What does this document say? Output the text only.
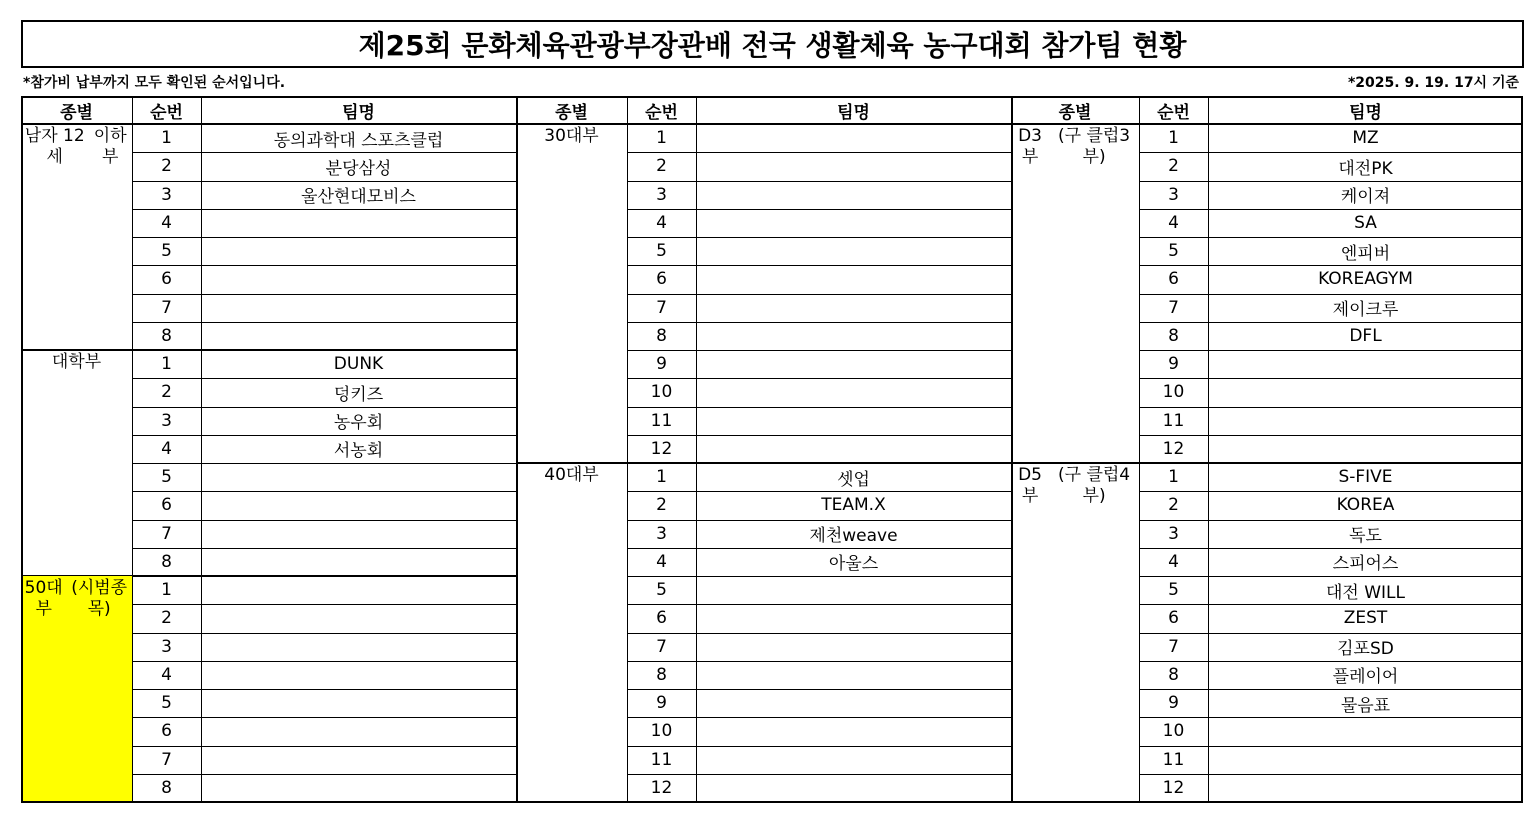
제25회 문화체육관광부장관배 전국 생활체육 농구대회 참가팀 현황
*참가비 납부까지 모두 확인된 순서입니다.	*2025. 9. 19. 17시 기준
종별	순번	팀명
남자 12세
이하부
1	동의과학대 스포츠클럽
2	분당삼성
3	울산현대모비스
4
5
6
7
8
대학부	1	DUNK
2	덩키즈
3	농우회
4	서농회
5
6
7
8
50대부
(시범종목)
1
2
3
4
5
6
7
8
종별	순번	팀명
30대부	1
2
3
4
5
6
7
8
9
10
11
12
40대부	1	셋업
2	TEAM.X
3	제천weave
4	아울스
5
6
7
8
9
10
11
12
종별	순번	팀명
D3부
(구 클럽3부)
1	MZ
2	대전PK
3	케이져
4	SA
5	엔피버
6	KOREAGYM
7	제이크루
8	DFL
9
10
11
12
D5부
(구 클럽4부)
1	S-FIVE
2	KOREA
3	독도
4	스피어스
5	대전 WILL
6	ZEST
7	김포SD
8	플레이어
9	물음표
10
11
12
